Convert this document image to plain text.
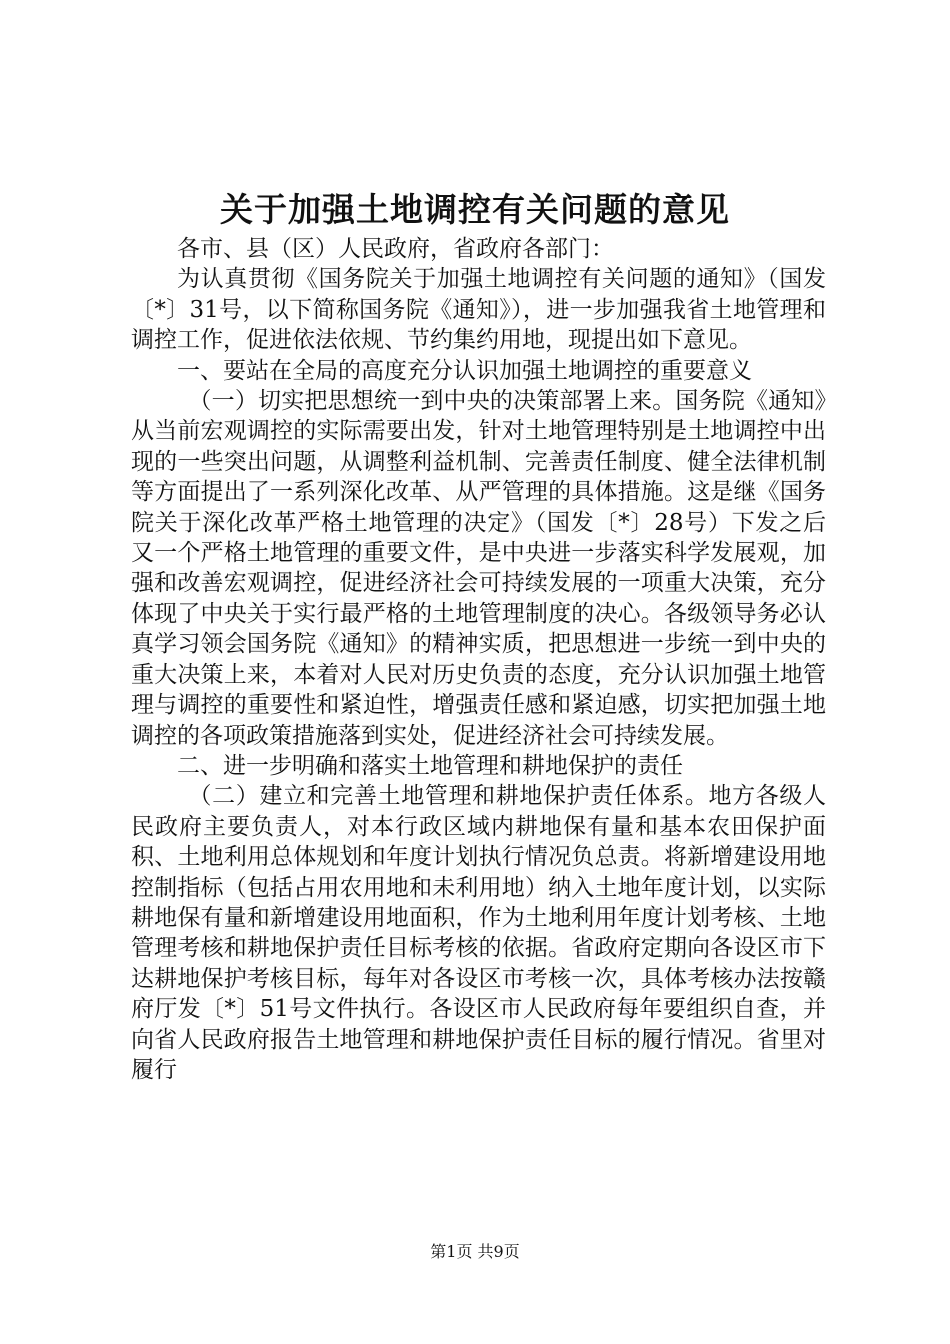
关于加强土地调控有关问题的意见

各市、县（区）人民政府，省政府各部门：

为认真贯彻《国务院关于加强土地调控有关问题的通知》（国发〔*〕31号，以下简称国务院《通知》），进一步加强我省土地管理和调控工作，促进依法依规、节约集约用地，现提出如下意见。

一、要站在全局的高度充分认识加强土地调控的重要意义

（一）切实把思想统一到中央的决策部署上来。国务院《通知》从当前宏观调控的实际需要出发，针对土地管理特别是土地调控中出现的一些突出问题，从调整利益机制、完善责任制度、健全法律机制等方面提出了一系列深化改革、从严管理的具体措施。这是继《国务院关于深化改革严格土地管理的决定》（国发〔*〕28号）下发之后又一个严格土地管理的重要文件，是中央进一步落实科学发展观，加强和改善宏观调控，促进经济社会可持续发展的一项重大决策，充分体现了中央关于实行最严格的土地管理制度的决心。各级领导务必认真学习领会国务院《通知》的精神实质，把思想进一步统一到中央的重大决策上来，本着对人民对历史负责的态度，充分认识加强土地管理与调控的重要性和紧迫性，增强责任感和紧迫感，切实把加强土地调控的各项政策措施落到实处，促进经济社会可持续发展。

二、进一步明确和落实土地管理和耕地保护的责任

（二）建立和完善土地管理和耕地保护责任体系。地方各级人民政府主要负责人，对本行政区域内耕地保有量和基本农田保护面积、土地利用总体规划和年度计划执行情况负总责。将新增建设用地控制指标（包括占用农用地和未利用地）纳入土地年度计划，以实际耕地保有量和新增建设用地面积，作为土地利用年度计划考核、土地管理考核和耕地保护责任目标考核的依据。省政府定期向各设区市下达耕地保护考核目标，每年对各设区市考核一次，具体考核办法按赣府厅发〔*〕51号文件执行。各设区市人民政府每年要组织自查，并向省人民政府报告土地管理和耕地保护责任目标的履行情况。省里对履行

第1页 共9页
